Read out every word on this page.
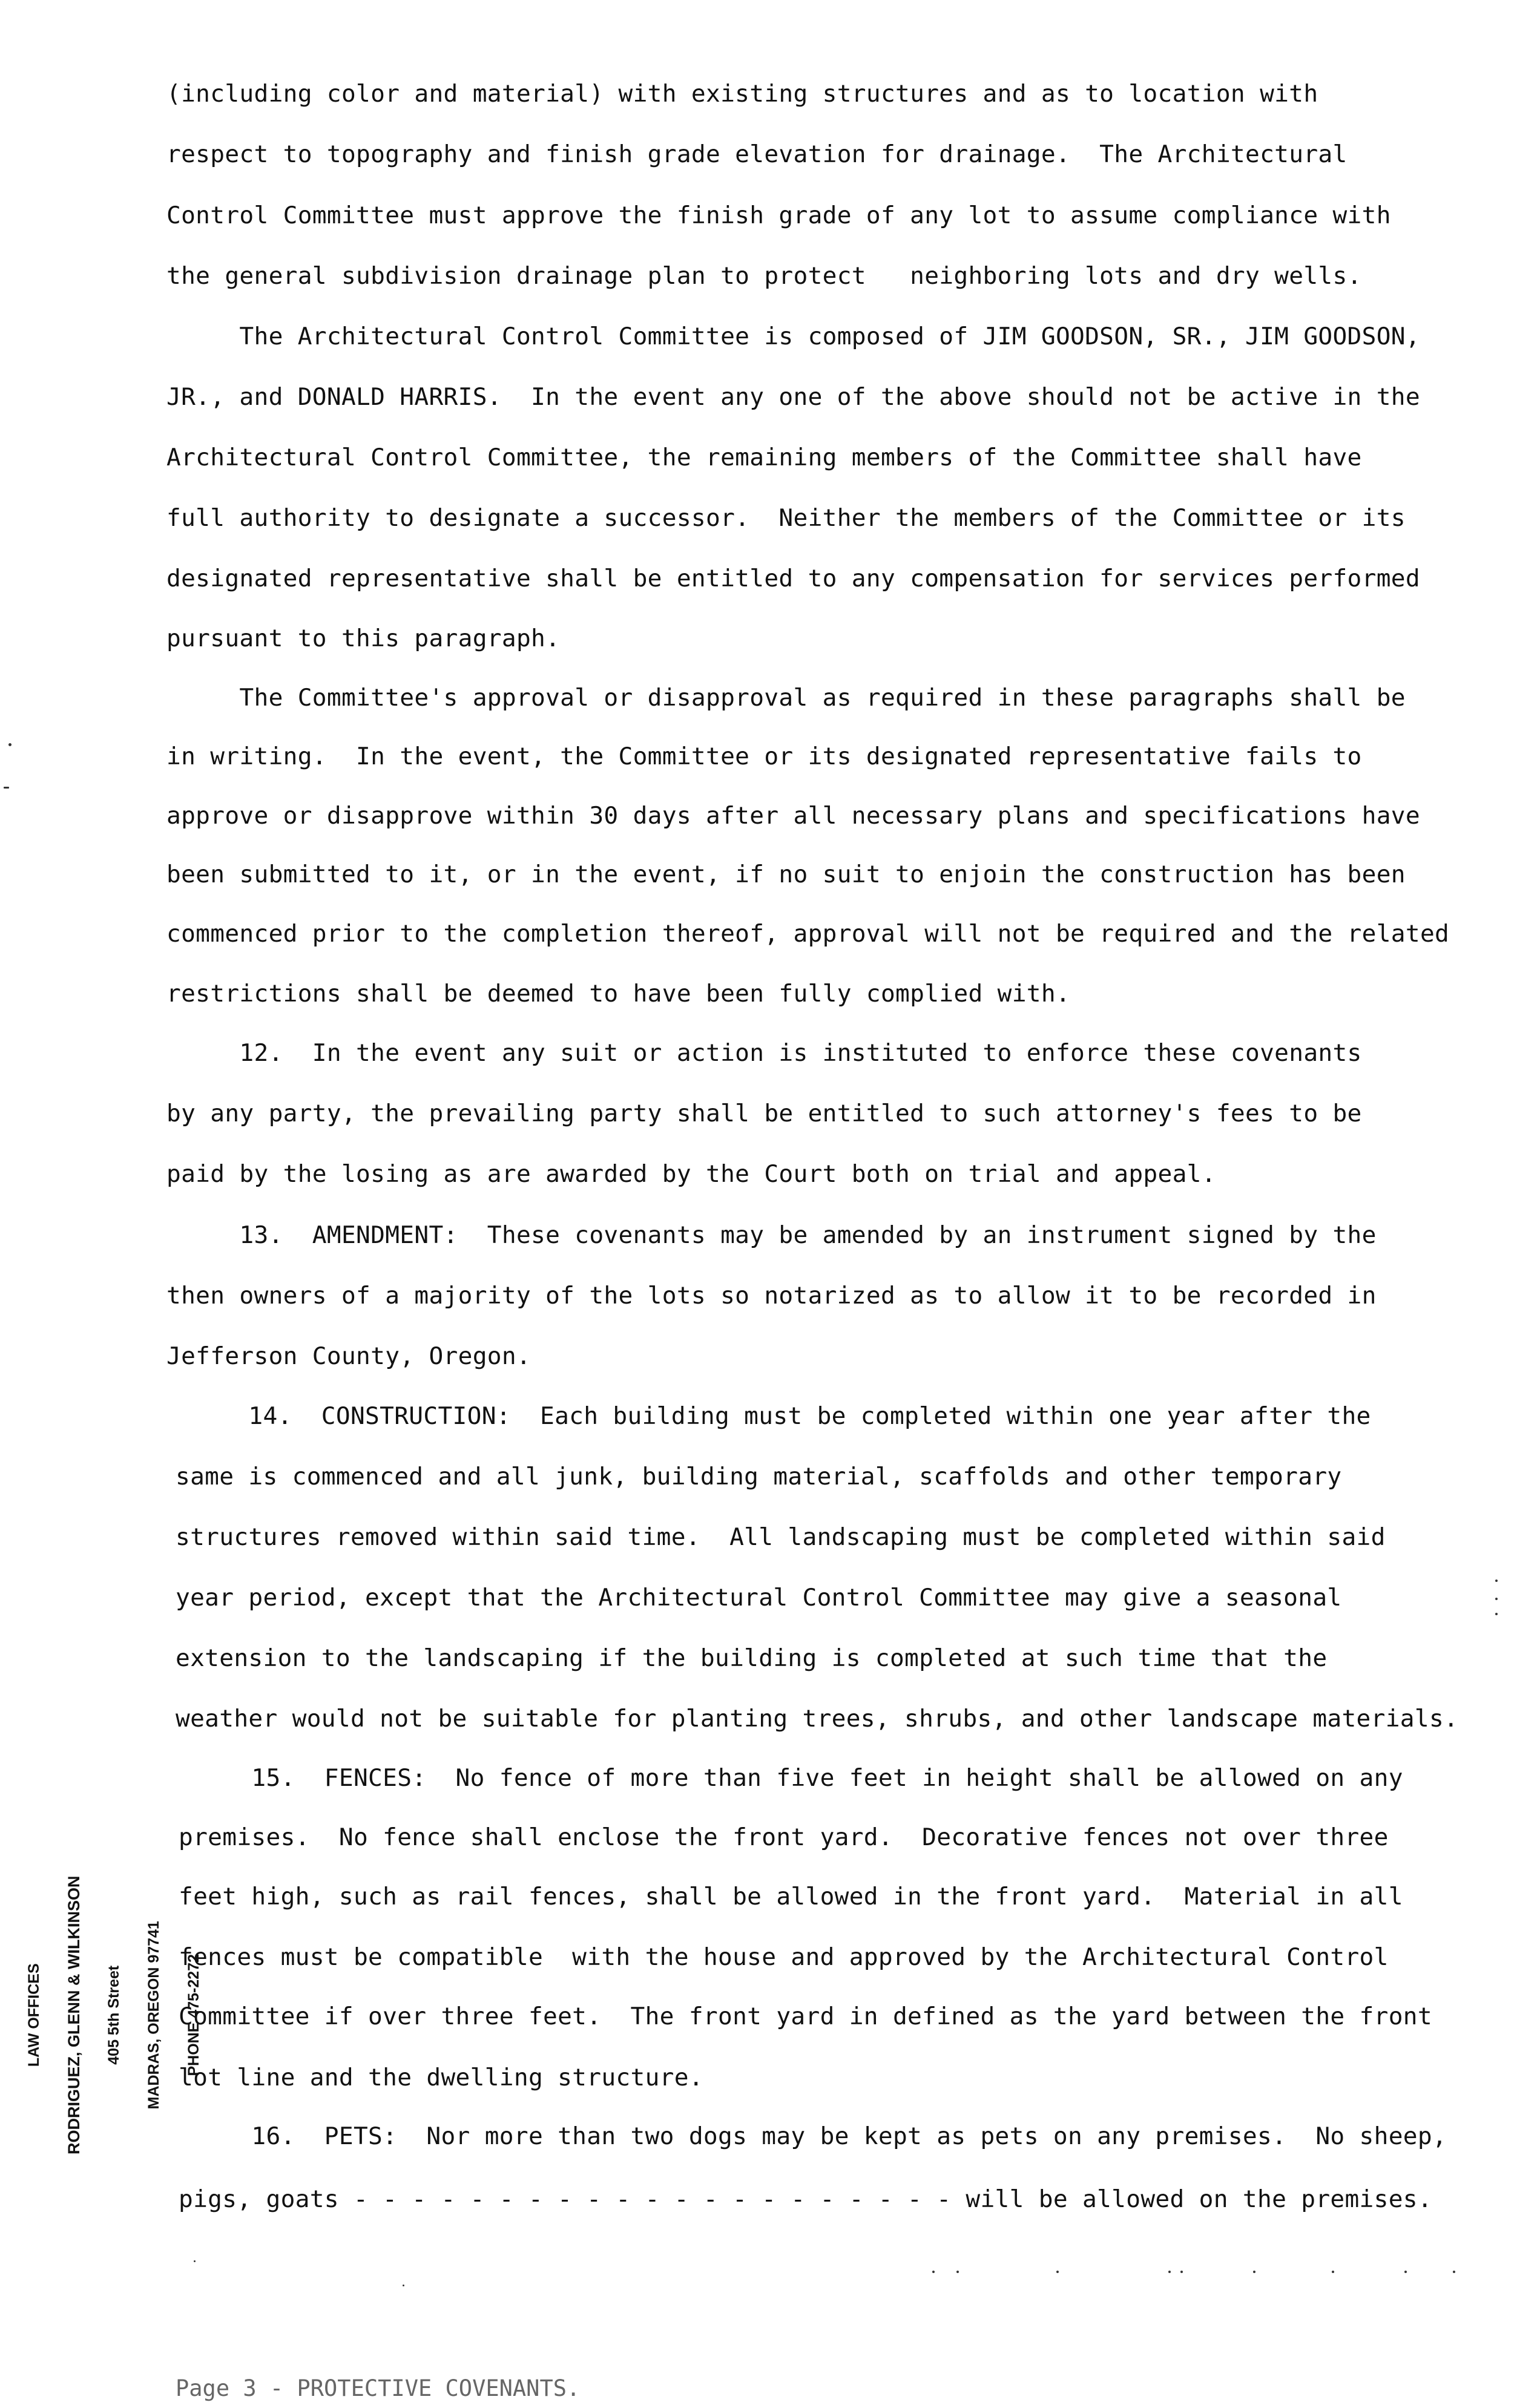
(including color and material) with existing structures and as to location with
respect to topography and finish grade elevation for drainage.  The Architectural
Control Committee must approve the finish grade of any lot to assume compliance with
the general subdivision drainage plan to protect   neighboring lots and dry wells.
The Architectural Control Committee is composed of JIM GOODSON, SR., JIM GOODSON,
JR., and DONALD HARRIS.  In the event any one of the above should not be active in the
Architectural Control Committee, the remaining members of the Committee shall have
full authority to designate a successor.  Neither the members of the Committee or its
designated representative shall be entitled to any compensation for services performed
pursuant to this paragraph.
The Committee's approval or disapproval as required in these paragraphs shall be
in writing.  In the event, the Committee or its designated representative fails to
approve or disapprove within 30 days after all necessary plans and specifications have
been submitted to it, or in the event, if no suit to enjoin the construction has been
commenced prior to the completion thereof, approval will not be required and the related
restrictions shall be deemed to have been fully complied with.
12.  In the event any suit or action is instituted to enforce these covenants
by any party, the prevailing party shall be entitled to such attorney's fees to be
paid by the losing as are awarded by the Court both on trial and appeal.
13.  AMENDMENT:  These covenants may be amended by an instrument signed by the
then owners of a majority of the lots so notarized as to allow it to be recorded in
Jefferson County, Oregon.
14.  CONSTRUCTION:  Each building must be completed within one year after the
same is commenced and all junk, building material, scaffolds and other temporary
structures removed within said time.  All landscaping must be completed within said
year period, except that the Architectural Control Committee may give a seasonal
extension to the landscaping if the building is completed at such time that the
weather would not be suitable for planting trees, shrubs, and other landscape materials.
15.  FENCES:  No fence of more than five feet in height shall be allowed on any
premises.  No fence shall enclose the front yard.  Decorative fences not over three
feet high, such as rail fences, shall be allowed in the front yard.  Material in all
fences must be compatible  with the house and approved by the Architectural Control
Committee if over three feet.  The front yard in defined as the yard between the front
lot line and the dwelling structure.
16.  PETS:  Nor more than two dogs may be kept as pets on any premises.  No sheep,
pigs, goats - - - - - - - - - - - - - - - - - - - - - will be allowed on the premises.

LAW OFFICES

RODRIGUEZ, GLENN & WILKINSON

405 5th Street

MADRAS, OREGON 97741

PHONE 475-2272

Page 3 - PROTECTIVE COVENANTS.
